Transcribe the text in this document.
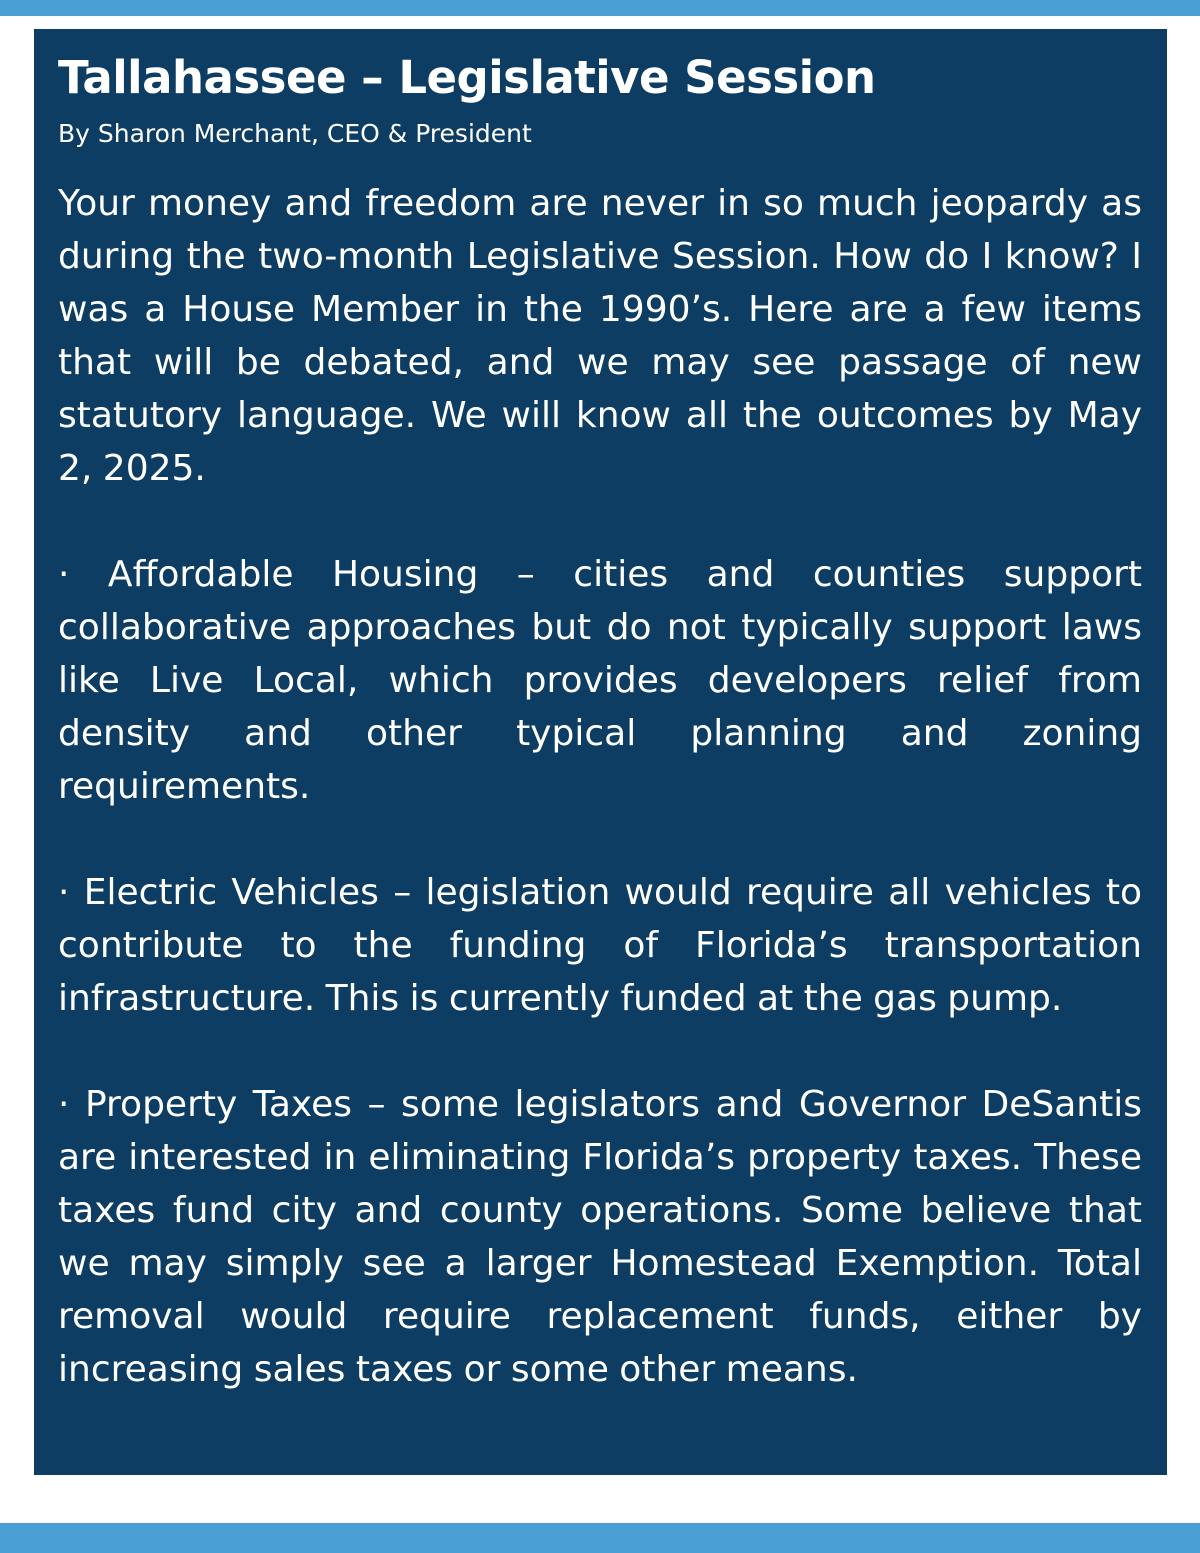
Tallahassee – Legislative Session

By Sharon Merchant, CEO & President

Your money and freedom are never in so much jeopardy as during the two-month Legislative Session. How do I know? I was a House Member in the 1990’s. Here are a few items that will be debated, and we may see passage of new statutory language. We will know all the outcomes by May 2, 2025.

· Affordable Housing – cities and counties support collaborative approaches but do not typically support laws like Live Local, which provides developers relief from density and other typical planning and zoning requirements.

· Electric Vehicles – legislation would require all vehicles to contribute to the funding of Florida’s transportation infrastructure. This is currently funded at the gas pump.

· Property Taxes – some legislators and Governor DeSantis are interested in eliminating Florida’s property taxes. These taxes fund city and county operations. Some believe that we may simply see a larger Homestead Exemption. Total removal would require replacement funds, either by increasing sales taxes or some other means.
